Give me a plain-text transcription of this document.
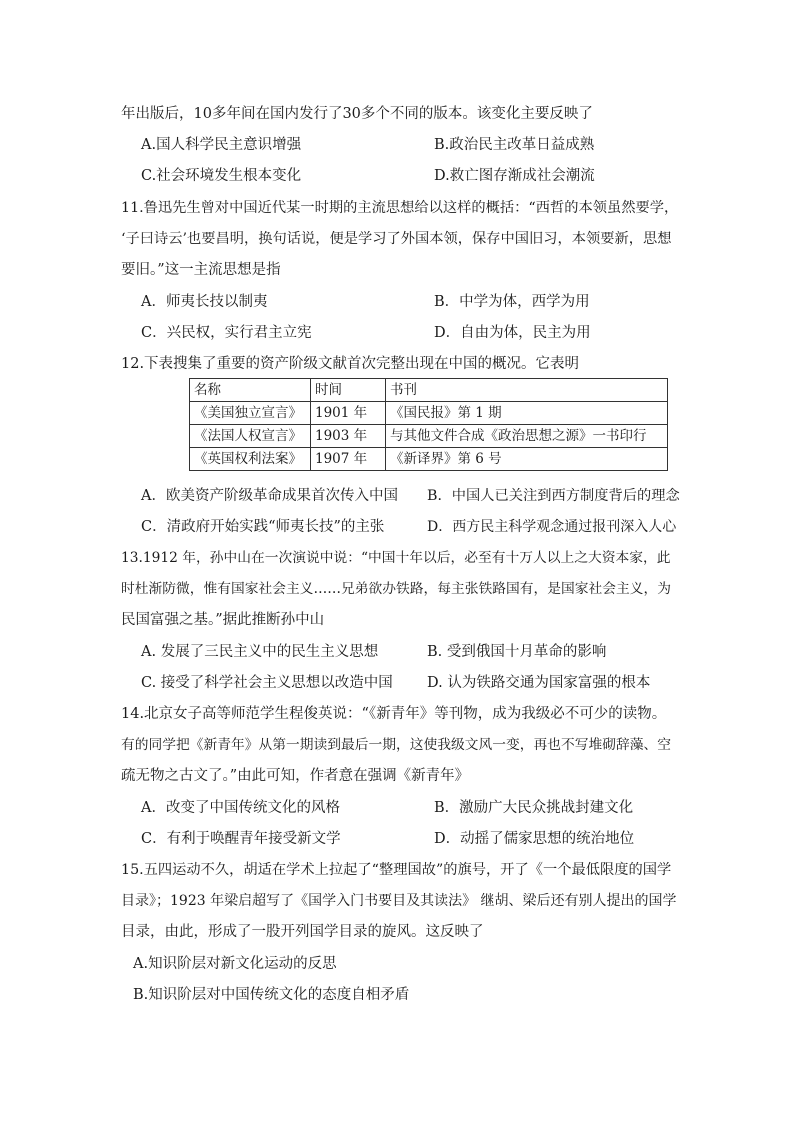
年出版后，10多年间在国内发行了30多个不同的版本。该变化主要反映了
A.国人科学民主意识增强	B.政治民主改革日益成熟
C.社会环境发生根本变化	D.救亡图存渐成社会潮流
11.鲁迅先生曾对中国近代某一时期的主流思想给以这样的概括：“西哲的本领虽然要学，
‘子曰诗云’也要昌明，换句话说，便是学习了外国本领，保存中国旧习，本领要新，思想
要旧。”这一主流思想是指
A．师夷长技以制夷	B．中学为体，西学为用
C．兴民权，实行君主立宪	D．自由为体，民主为用
12.下表搜集了重要的资产阶级文献首次完整出现在中国的概况。它表明
名称	时间	书刊
《美国独立宣言》	1901 年	《国民报》第 1 期
《法国人权宣言》	1903 年	与其他文件合成《政治思想之源》一书印行
《英国权利法案》	1907 年	《新译界》第 6 号
A．欧美资产阶级革命成果首次传入中国 B．中国人已关注到西方制度背后的理念
C．清政府开始实践“师夷长技”的主张	D．西方民主科学观念通过报刊深入人心
13.1912 年，孙中山在一次演说中说：“中国十年以后，必至有十万人以上之大资本家，此
时杜渐防微，惟有国家社会主义……兄弟欲办铁路，每主张铁路国有，是国家社会主义，为
民国富强之基。”据此推断孙中山
A. 发展了三民主义中的民生主义思想	B. 受到俄国十月革命的影响
C. 接受了科学社会主义思想以改造中国 D. 认为铁路交通为国家富强的根本
14.北京女子高等师范学生程俊英说：“《新青年》等刊物，成为我级必不可少的读物。
有的同学把《新青年》从第一期读到最后一期，这使我级文风一变，再也不写堆砌辞藻、空
疏无物之古文了。”由此可知，作者意在强调《新青年》
A．改变了中国传统文化的风格	B．激励广大民众挑战封建文化
C．有利于唤醒青年接受新文学	D．动摇了儒家思想的统治地位
15.五四运动不久，胡适在学术上拉起了“整理国故”的旗号，开了《一个最低限度的国学
目录》；1923 年梁启超写了《国学入门书要目及其读法》 继胡、梁后还有别人提出的国学
目录，由此，形成了一股开列国学目录的旋风。这反映了
A.知识阶层对新文化运动的反思
B.知识阶层对中国传统文化的态度自相矛盾
